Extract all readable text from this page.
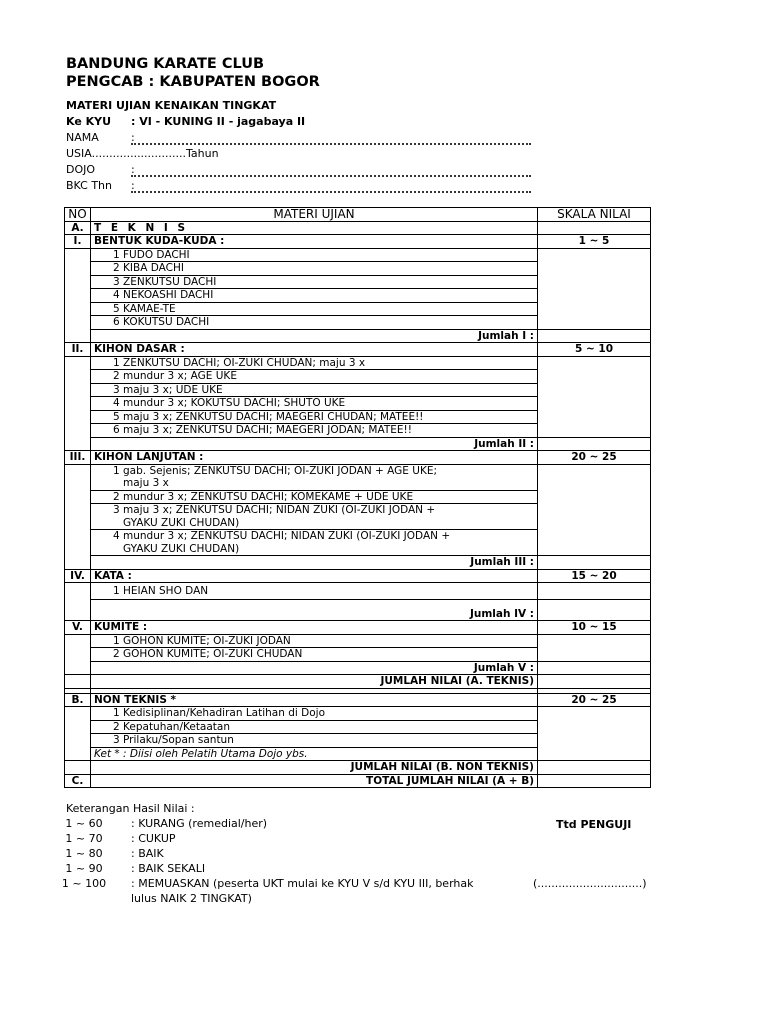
BANDUNG KARATE CLUB
PENGCAB : KABUPATEN BOGOR
MATERI UJIAN KENAIKAN TINGKAT
Ke KYU : VI - KUNING II - jagabaya II
NAMA	:
USIA...........................Tahun
DOJO	:
BKC Thn :
NO	MATERI UJIAN	SKALA NILAI
A.	T E K N I S	
I.	BENTUK KUDA-KUDA :	1 ~ 5
	1 FUDO DACHI	
	2 KIBA DACHI	
	3 ZENKUTSU DACHI	
	4 NEKOASHI DACHI	
	5 KAMAE-TE	
	6 KOKUTSU DACHI	
	Jumlah I :	
II.	KIHON DASAR :	5 ~ 10
	1 ZENKUTSU DACHI; OI-ZUKI CHUDAN; maju 3 x	
	2 mundur 3 x; AGE UKE	
	3 maju 3 x; UDE UKE	
	4 mundur 3 x; KOKUTSU DACHI; SHUTO UKE	
	5 maju 3 x; ZENKUTSU DACHI; MAEGERI CHUDAN; MATEE!!	
	6 maju 3 x; ZENKUTSU DACHI; MAEGERI JODAN; MATEE!!	
	Jumlah II :	
III.	KIHON LANJUTAN :	20 ~ 25
	1 gab. Sejenis; ZENKUTSU DACHI; OI-ZUKI JODAN + AGE UKE;	
	maju 3 x	
	2 mundur 3 x; ZENKUTSU DACHI; KOMEKAME + UDE UKE	
	3 maju 3 x; ZENKUTSU DACHI; NIDAN ZUKI (OI-ZUKI JODAN +	
	GYAKU ZUKI CHUDAN)	
	4 mundur 3 x; ZENKUTSU DACHI; NIDAN ZUKI (OI-ZUKI JODAN +	
	GYAKU ZUKI CHUDAN)	
	Jumlah III :	
IV.	KATA :	15 ~ 20
	1 HEIAN SHO DAN	
	Jumlah IV :	
V.	KUMITE :	10 ~ 15
	1 GOHON KUMITE; OI-ZUKI JODAN	
	2 GOHON KUMITE; OI-ZUKI CHUDAN	
	Jumlah V :	
	JUMLAH NILAI (A. TEKNIS)	

B.	NON TEKNIS *	20 ~ 25
	1 Kedisiplinan/Kehadiran Latihan di Dojo	
	2 Kepatuhan/Ketaatan	
	3 Prilaku/Sopan santun	
	Ket * : Diisi oleh Pelatih Utama Dojo ybs.	
	JUMLAH NILAI (B. NON TEKNIS)	
C.	TOTAL JUMLAH NILAI (A + B)	
Keterangan Hasil Nilai :
1 ~ 60	: KURANG (remedial/her)
1 ~ 70	: CUKUP
1 ~ 80	: BAIK
1 ~ 90	: BAIK SEKALI
1 ~ 100 : MEMUASKAN (peserta UKT mulai ke KYU V s/d KYU III, berhak
lulus NAIK 2 TINGKAT)
Ttd PENGUJI
(..............................)
